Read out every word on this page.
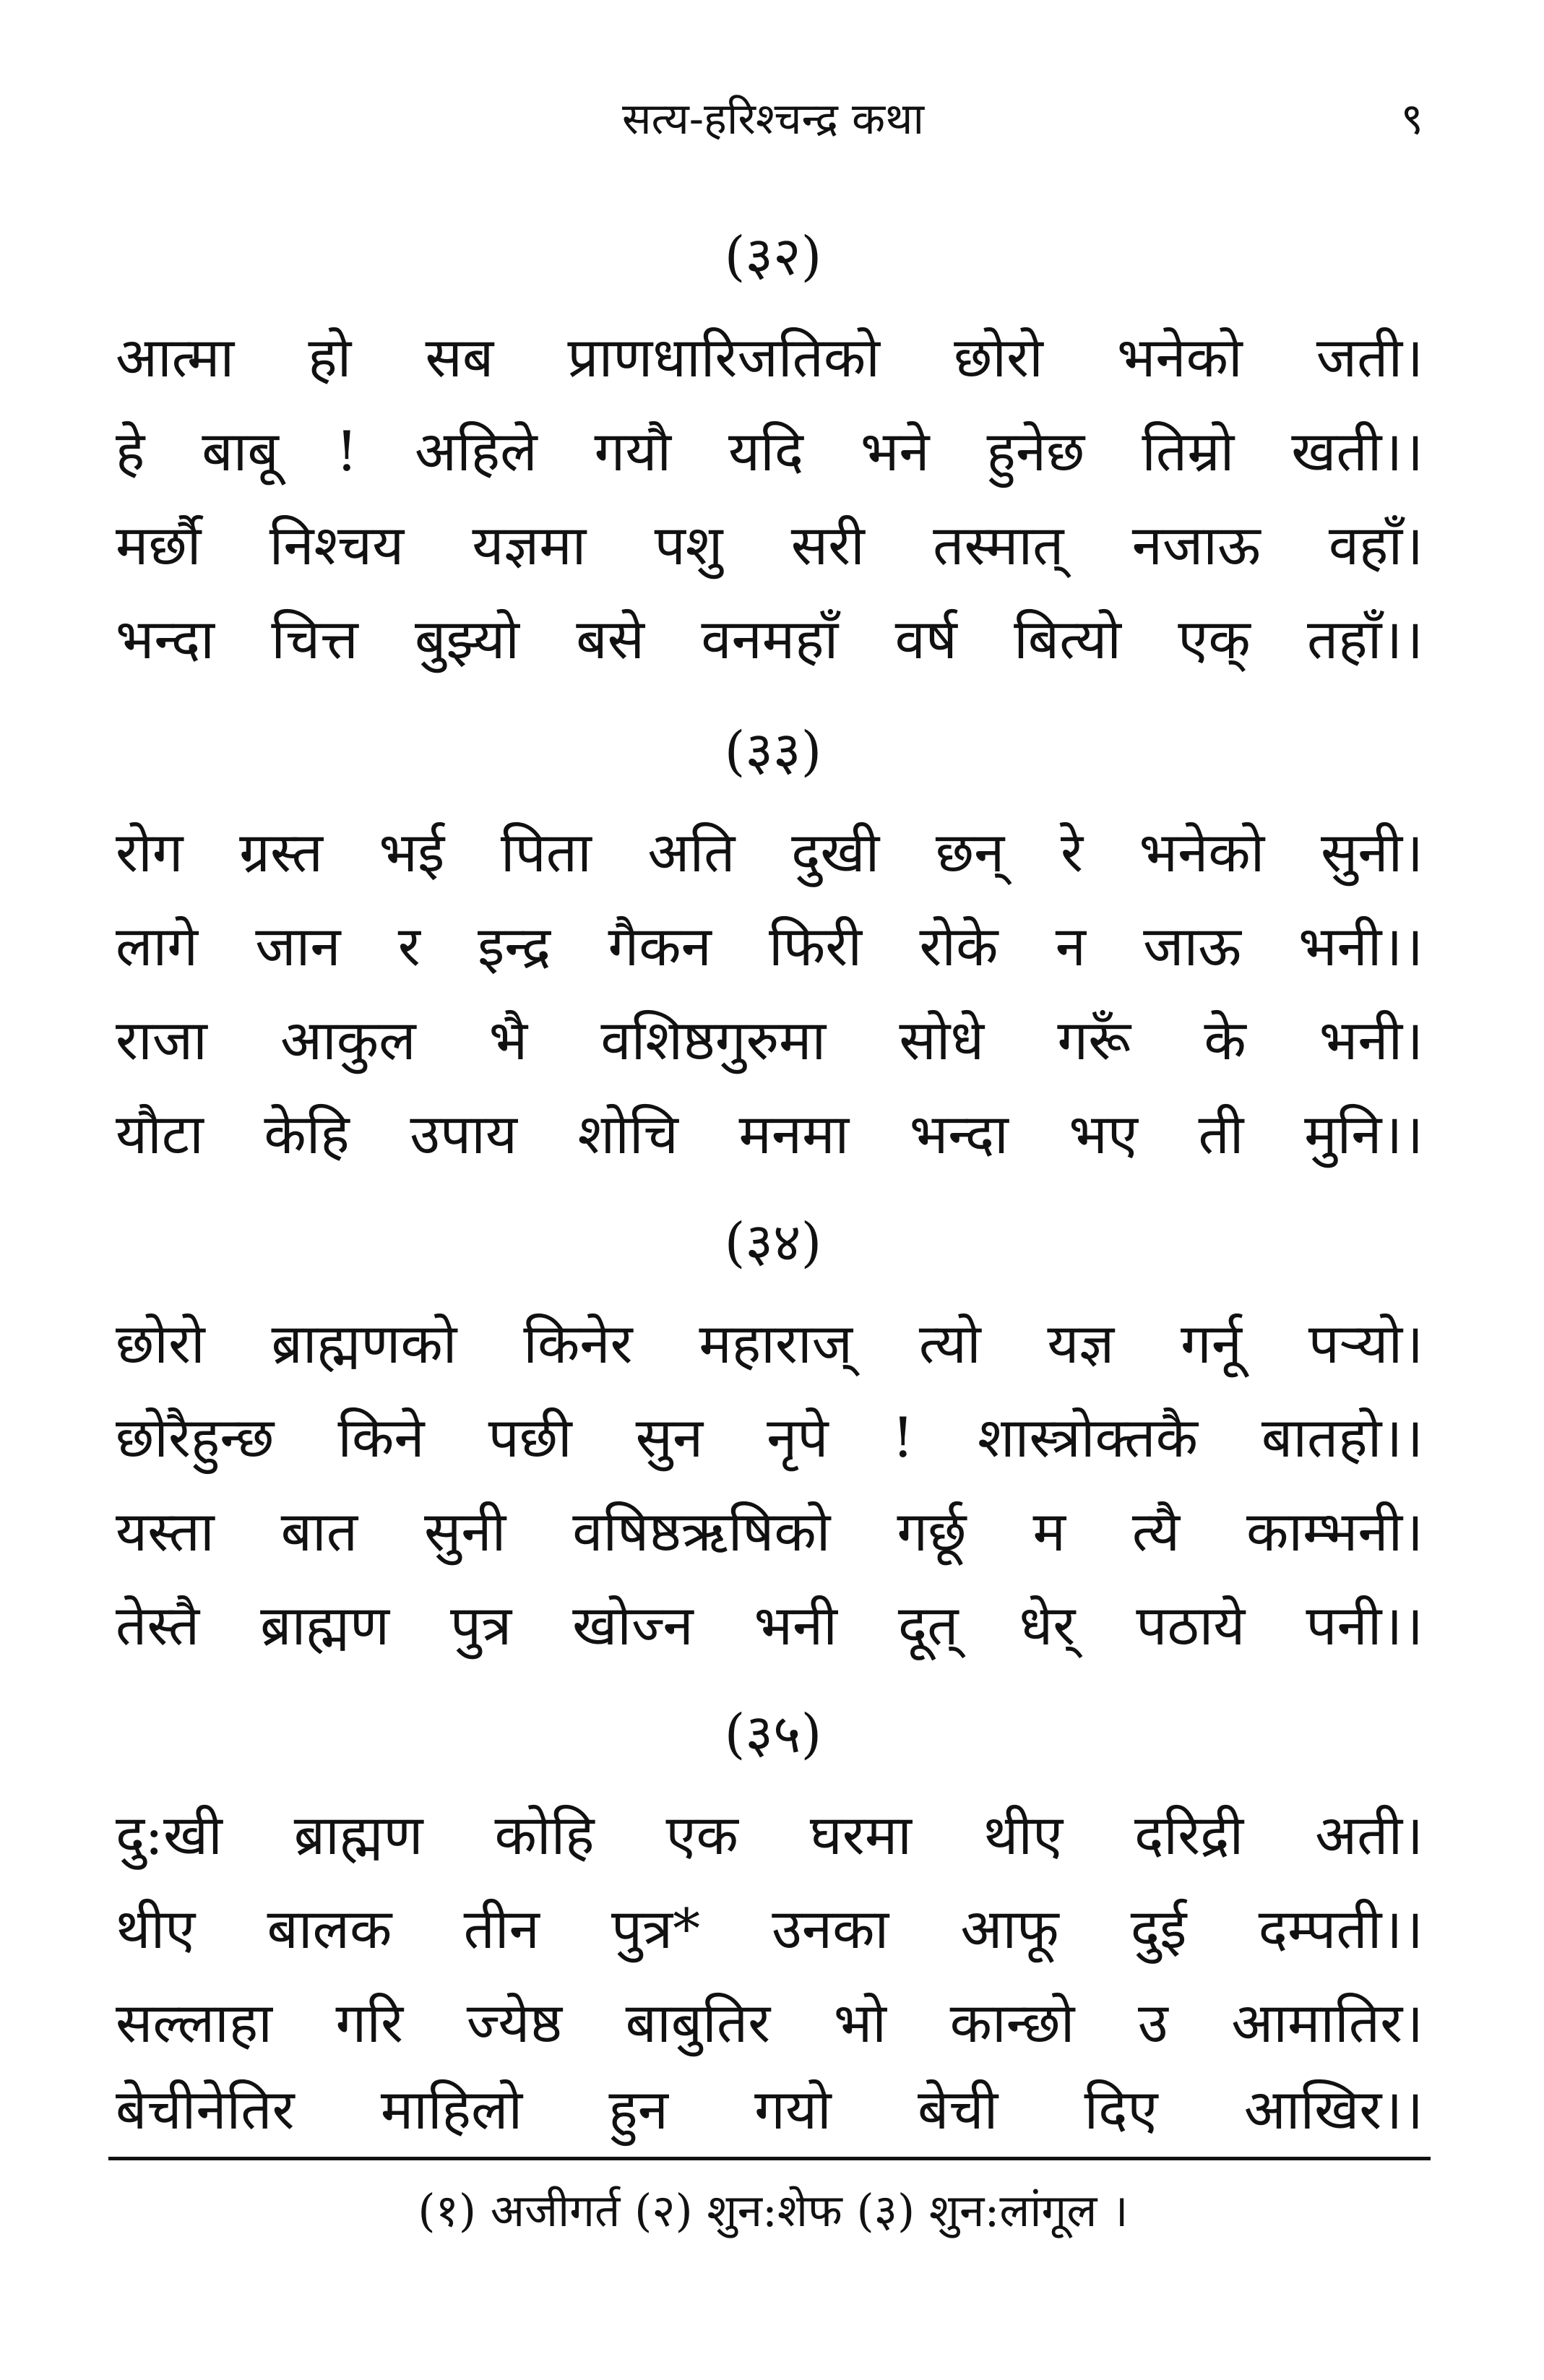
सत्य-हरिश्चन्द्र कथा	९
(३२)
आत्मा हो सब प्राणधारिजतिको छोरो भनेको जती।
हे बाबू ! अहिले गयौ यदि भने हुनेछ तिम्रो खती।।
मर्छौ निश्चय यज्ञमा पशु सरी तस्मात् नजाऊ वहाँ।
भन्दा चित्त बुझ्यो बसे वनमहाँ वर्ष बित्यो एक् तहाँ।।
(३३)
रोग ग्रस्त भई पिता अति दुखी छन् रे भनेको सुनी।
लागे जान र इन्द्र गैकन फिरी रोके न जाऊ भनी।।
राजा आकुल भै वशिष्ठगुरुमा सोधे गरूँ के भनी।
यौटा केहि उपाय शोचि मनमा भन्दा भए ती मुनि।।
(३४)
छोरो ब्राह्मणको किनेर महाराज् त्यो यज्ञ गर्नू पर्‍यो।
छोरैहुन्छ किने पछी सुन नृपे ! शास्त्रोक्तकै बातहो।।
यस्ता बात सुनी वषिष्ठऋषिको गर्छू म त्यै काम्भनी।
तेस्तै ब्राह्मण पुत्र खोज्न भनी दूत् धेर् पठाये पनी।।
(३५)
दु:खी ब्राह्मण कोहि एक घरमा थीए दरिद्री अती।
थीए बालक तीन पुत्र* उनका आफू दुई दम्पती।।
सल्लाहा गरि ज्येष्ठ बाबुतिर भो कान्छो उ आमातिर।
बेचीनेतिर माहिलो हुन गयो बेची दिए आखिर।।
(१) अजीगर्त (२) शुन:शेफ (३) शुन:लांगूल ।
